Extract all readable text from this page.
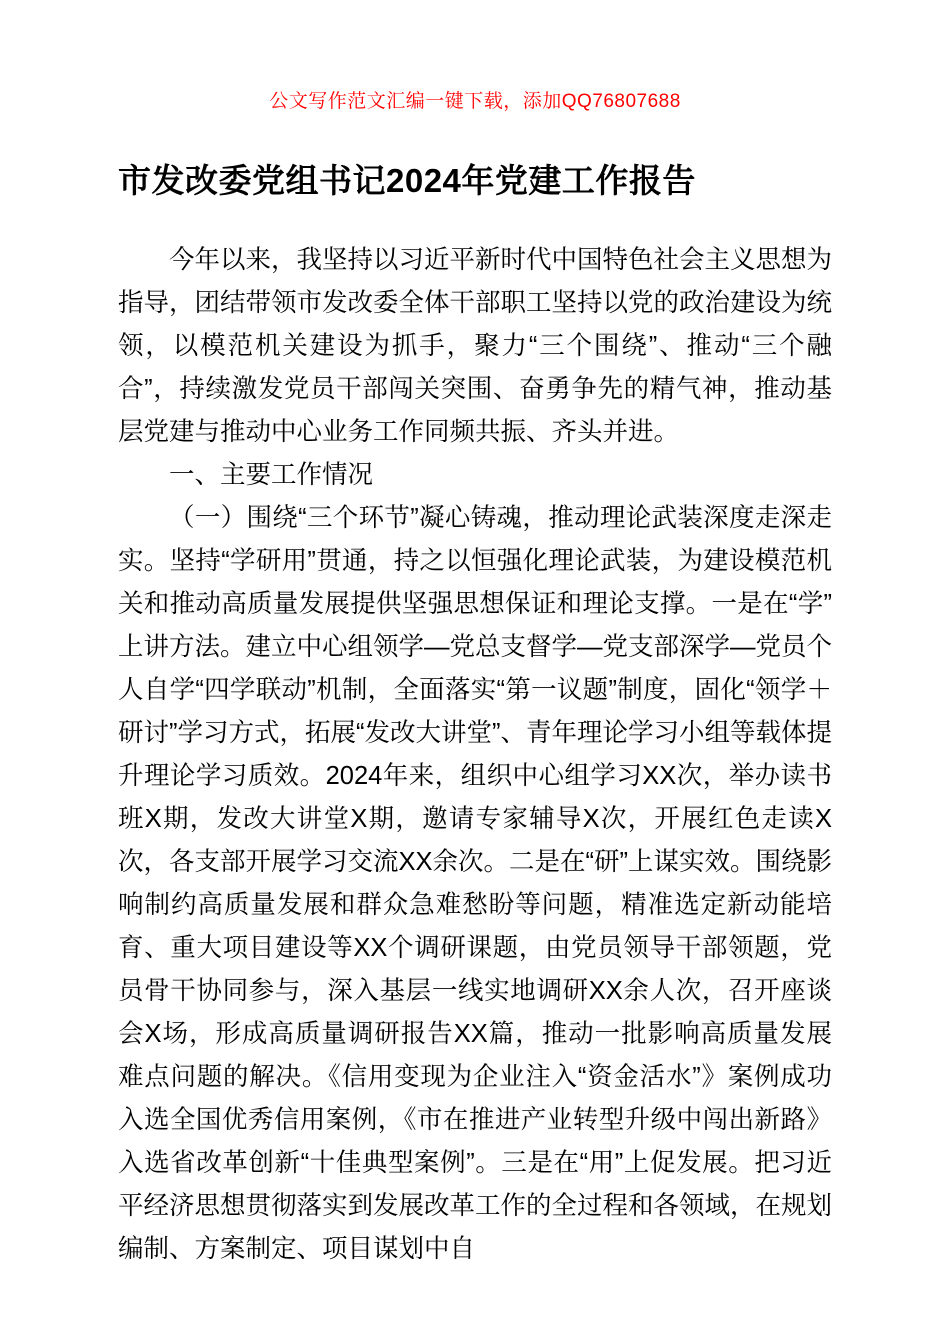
公文写作范文汇编一键下载，添加QQ76807688
市发改委党组书记2024年党建工作报告

今年以来，我坚持以习近平新时代中国特色社会主义思想为指导，团结带领市发改委全体干部职工坚持以党的政治建设为统领，以模范机关建设为抓手，聚力“三个围绕”、推动“三个融合”，持续激发党员干部闯关突围、奋勇争先的精气神，推动基层党建与推动中心业务工作同频共振、齐头并进。

一、主要工作情况

（一）围绕“三个环节”凝心铸魂，推动理论武装深度走深走实。坚持“学研用”贯通，持之以恒强化理论武装，为建设模范机关和推动高质量发展提供坚强思想保证和理论支撑。一是在“学”上讲方法。建立中心组领学—党总支督学—党支部深学—党员个人自学“四学联动”机制，全面落实“第一议题”制度，固化“领学＋研讨”学习方式，拓展“发改大讲堂”、青年理论学习小组等载体提升理论学习质效。2024年来，组织中心组学习XX次，举办读书班X期，发改大讲堂X期，邀请专家辅导X次，开展红色走读X次，各支部开展学习交流XX余次。二是在“研”上谋实效。围绕影响制约高质量发展和群众急难愁盼等问题，精准选定新动能培育、重大项目建设等XX个调研课题，由党员领导干部领题，党员骨干协同参与，深入基层一线实地调研XX余人次，召开座谈会X场，形成高质量调研报告XX篇，推动一批影响高质量发展难点问题的解决。《信用变现为企业注入“资金活水”》案例成功入选全国优秀信用案例，《市在推进产业转型升级中闯出新路》入选省改革创新“十佳典型案例”。三是在“用”上促发展。把习近平经济思想贯彻落实到发展改革工作的全过程和各领域，在规划编制、方案制定、项目谋划中自
